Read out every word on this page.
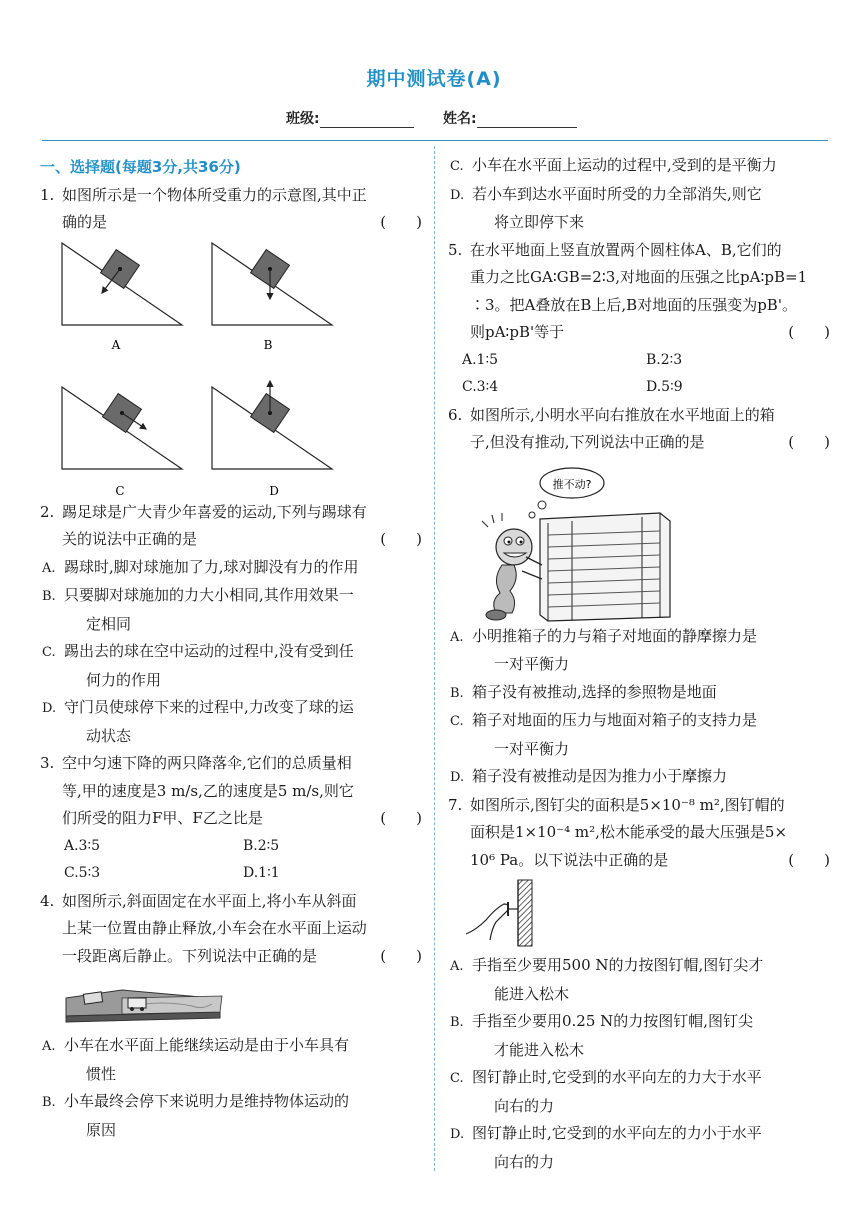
期中测试卷(A)
班级:	姓名:
一、选择题(每题3分,共36分)
1. 如图所示是一个物体所受重力的示意图,其中正
确的是	(　　)
A	B
C	D
2. 踢足球是广大青少年喜爱的运动,下列与踢球有
关的说法中正确的是	(　　)
A. 踢球时,脚对球施加了力,球对脚没有力的作用
B. 只要脚对球施加的力大小相同,其作用效果一
定相同
C. 踢出去的球在空中运动的过程中,没有受到任
何力的作用
D. 守门员使球停下来的过程中,力改变了球的运
动状态
3. 空中匀速下降的两只降落伞,它们的总质量相
等,甲的速度是3 m/s,乙的速度是5 m/s,则它
们所受的阻力F甲、F乙之比是	(　　)
A.3∶5	B.2∶5
C.5∶3	D.1∶1
4. 如图所示,斜面固定在水平面上,将小车从斜面
上某一位置由静止释放,小车会在水平面上运动
一段距离后静止。下列说法中正确的是	(　　)
A. 小车在水平面上能继续运动是由于小车具有
惯性
B. 小车最终会停下来说明力是维持物体运动的
原因
C. 小车在水平面上运动的过程中,受到的是平衡力
D. 若小车到达水平面时所受的力全部消失,则它
将立即停下来
5. 在水平地面上竖直放置两个圆柱体A、B,它们的
重力之比GA∶GB=2∶3,对地面的压强之比pA∶pB=1
∶3。把A叠放在B上后,B对地面的压强变为pB'。
则pA∶pB'等于	(　　)
A.1∶5	B.2∶3
C.3∶4	D.5∶9
6. 如图所示,小明水平向右推放在水平地面上的箱
子,但没有推动,下列说法中正确的是	(　　)
推不动?
A. 小明推箱子的力与箱子对地面的静摩擦力是
一对平衡力
B. 箱子没有被推动,选择的参照物是地面
C. 箱子对地面的压力与地面对箱子的支持力是
一对平衡力
D. 箱子没有被推动是因为推力小于摩擦力
7. 如图所示,图钉尖的面积是5×10⁻⁸ m²,图钉帽的
面积是1×10⁻⁴ m²,松木能承受的最大压强是5×
10⁶ Pa。以下说法中正确的是	(　　)
A. 手指至少要用500 N的力按图钉帽,图钉尖才
能进入松木
B. 手指至少要用0.25 N的力按图钉帽,图钉尖
才能进入松木
C. 图钉静止时,它受到的水平向左的力大于水平
向右的力
D. 图钉静止时,它受到的水平向左的力小于水平
向右的力
